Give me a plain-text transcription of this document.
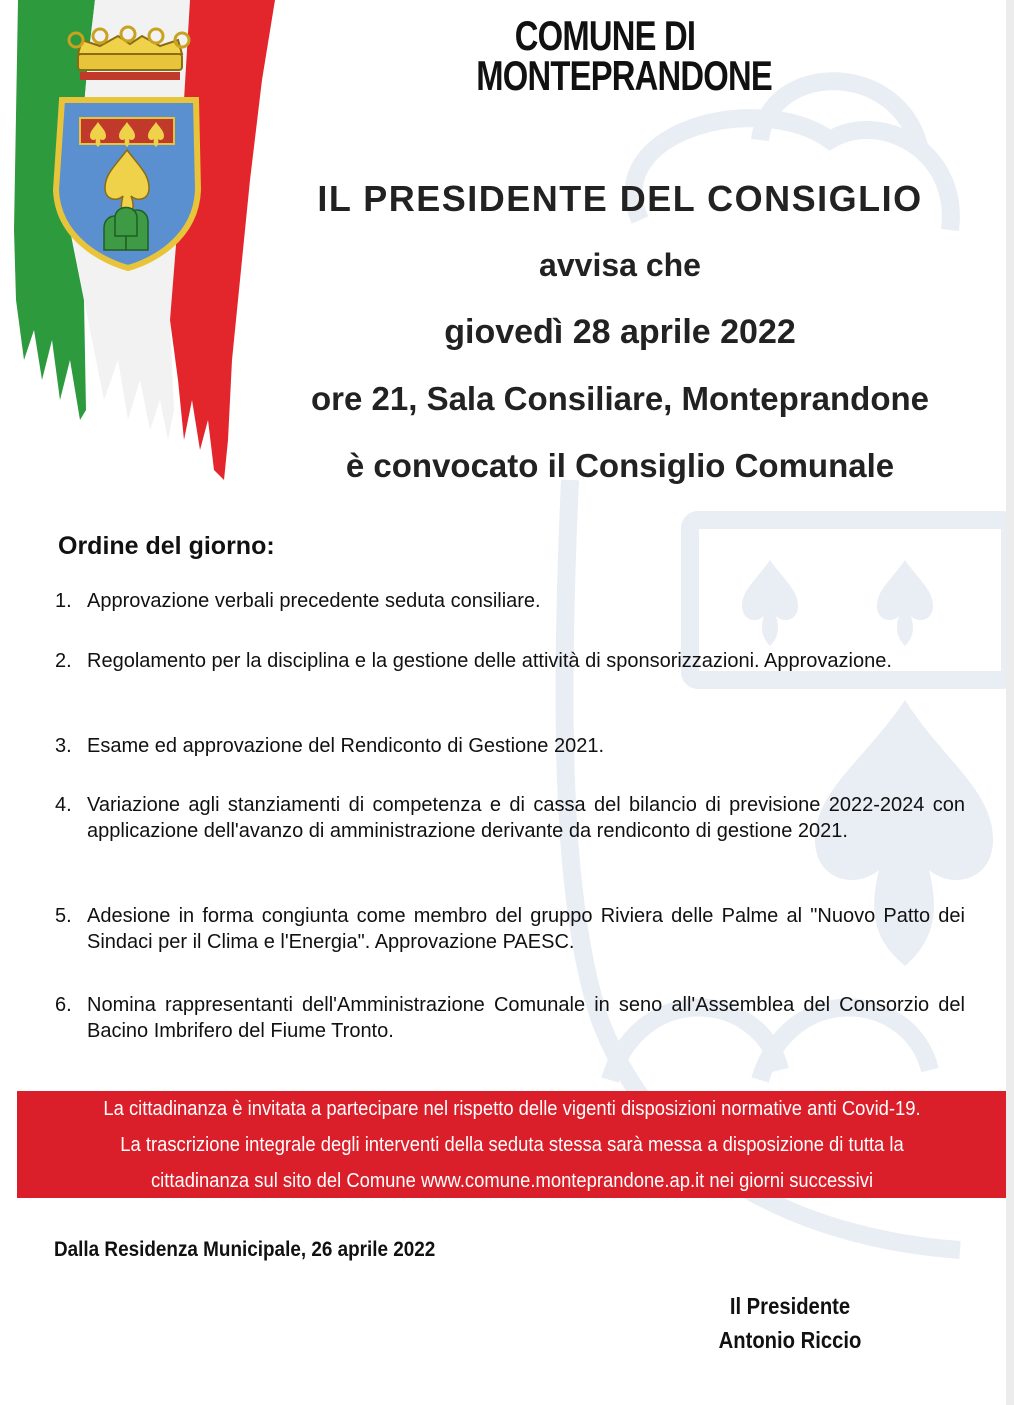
COMUNE DI
MONTEPRANDONE
IL PRESIDENTE DEL CONSIGLIO
avvisa che
giovedì 28 aprile 2022
ore 21, Sala Consiliare, Monteprandone
è convocato il Consiglio Comunale
Ordine del giorno:
1. Approvazione verbali precedente seduta consiliare.
2. Regolamento per la disciplina e la gestione delle attività di sponsorizzazioni. Approvazione.
3. Esame ed approvazione del Rendiconto di Gestione 2021.
4. Variazione agli stanziamenti di competenza e di cassa del bilancio di previsione 2022-2024 con applicazione dell'avanzo di amministrazione derivante da rendiconto di gestione 2021.
5. Adesione in forma congiunta come membro del gruppo Riviera delle Palme al "Nuovo Patto dei Sindaci per il Clima e l'Energia". Approvazione PAESC.
6. Nomina rappresentanti dell'Amministrazione Comunale in seno all'Assemblea del Consorzio del Bacino Imbrifero del Fiume Tronto.
La cittadinanza è invitata a partecipare nel rispetto delle vigenti disposizioni normative anti Covid-19.
La trascrizione integrale degli interventi della seduta stessa sarà messa a disposizione di tutta la
cittadinanza sul sito del Comune www.comune.monteprandone.ap.it nei giorni successivi
Dalla Residenza Municipale, 26 aprile 2022
Il Presidente
Antonio Riccio
